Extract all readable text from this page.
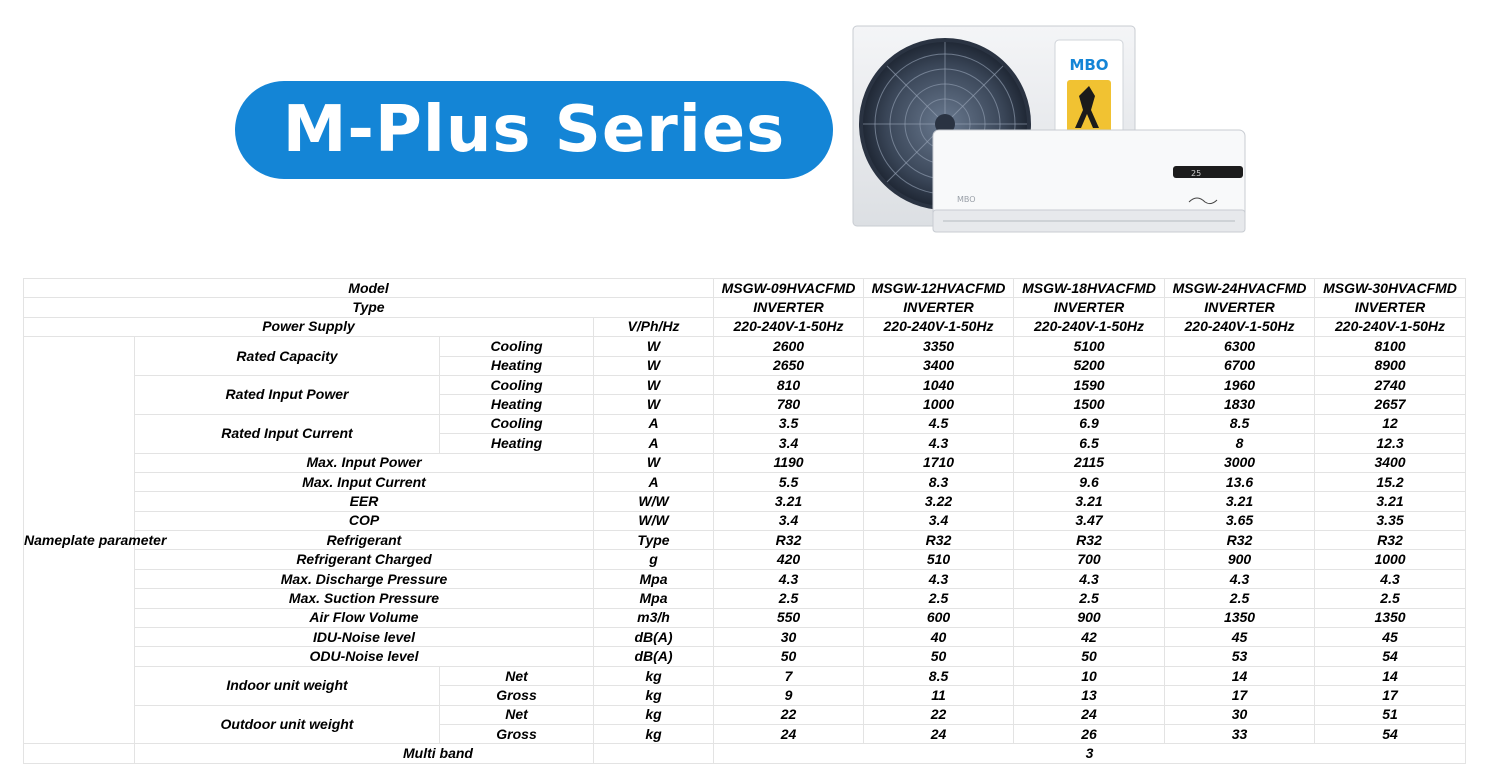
M-Plus Series
MBO
25
MBO
Model				MSGW-09HVACFMD	MSGW-12HVACFMD	MSGW-18HVACFMD	MSGW-24HVACFMD	MSGW-30HVACFMD
Type				INVERTER	INVERTER	INVERTER	INVERTER	INVERTER
Power Supply			V/Ph/Hz	220-240V-1-50Hz	220-240V-1-50Hz	220-240V-1-50Hz	220-240V-1-50Hz	220-240V-1-50Hz
Nameplate parameter	Rated Capacity	Cooling	W	2600	3350	5100	6300	8100
		Heating	W	2650	3400	5200	6700	8900
	Rated Input Power	Cooling	W	810	1040	1590	1960	2740
		Heating	W	780	1000	1500	1830	2657
	Rated Input Current	Cooling	A	3.5	4.5	6.9	8.5	12
		Heating	A	3.4	4.3	6.5	8	12.3
	Max. Input Power		W	1190	1710	2115	3000	3400
	Max. Input Current		A	5.5	8.3	9.6	13.6	15.2
	EER		W/W	3.21	3.22	3.21	3.21	3.21
	COP		W/W	3.4	3.4	3.47	3.65	3.35
	Refrigerant		Type	R32	R32	R32	R32	R32
	Refrigerant Charged		g	420	510	700	900	1000
	Max. Discharge Pressure		Mpa	4.3	4.3	4.3	4.3	4.3
	Max. Suction Pressure		Mpa	2.5	2.5	2.5	2.5	2.5
	Air Flow Volume		m3/h	550	600	900	1350	1350
	IDU-Noise level		dB(A)	30	40	42	45	45
	ODU-Noise level		dB(A)	50	50	50	53	54
	Indoor unit weight	Net	kg	7	8.5	10	14	14
		Gross	kg	9	11	13	17	17
	Outdoor unit weight	Net	kg	22	22	24	30	51
		Gross	kg	24	24	26	33	54
	Multi band			3				
